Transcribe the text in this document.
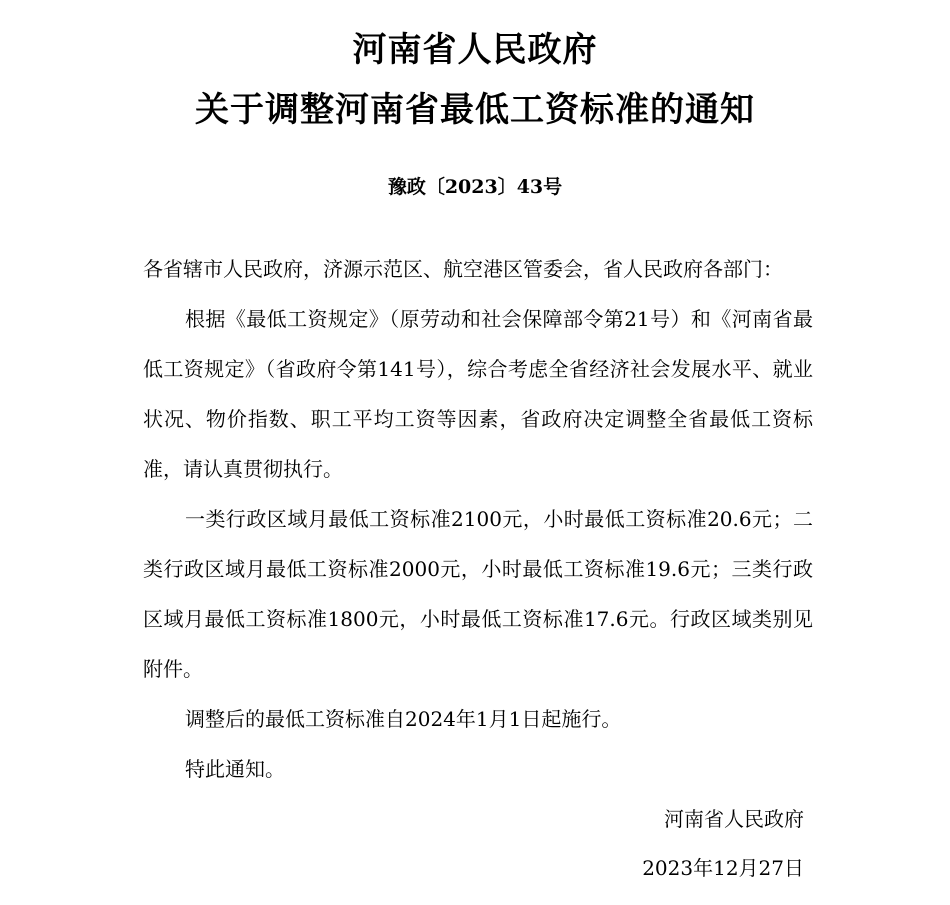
河南省人民政府
关于调整河南省最低工资标准的通知
豫政〔2023〕43号

各省辖市人民政府，济源示范区、航空港区管委会，省人民政府各部门：

根据《最低工资规定》（原劳动和社会保障部令第21号）和《河南省最低工资规定》（省政府令第141号），综合考虑全省经济社会发展水平、就业状况、物价指数、职工平均工资等因素，省政府决定调整全省最低工资标准，请认真贯彻执行。

一类行政区域月最低工资标准2100元，小时最低工资标准20.6元；二类行政区域月最低工资标准2000元，小时最低工资标准19.6元；三类行政区域月最低工资标准1800元，小时最低工资标准17.6元。行政区域类别见附件。

调整后的最低工资标准自2024年1月1日起施行。

特此通知。

河南省人民政府
2023年12月27日
